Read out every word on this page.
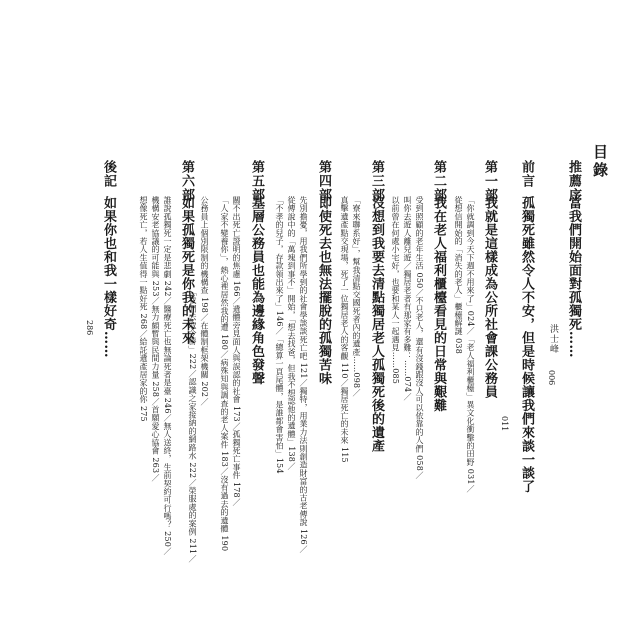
目錄
推薦序
當我們開始面對孤獨死……
洪士峰
006
前言
孤獨死雖然令人不安，但是時候讓我們來談一談了
011
第一部
我就是這樣成為公所社會課公務員
「你就調到今天下週不用來了」024／「老人福利櫃檯」異文化衝擊的田野 031／
從想信開始的「消失的老人」櫃檯解謎 038
第二部
我在老人福利櫃檯看見的日常與艱難
受到照顧的老年生活 050／不只老人，還有沒錢跟沒人可以依靠的人們 058／
叫你去遊人離兒遊／獨居老者有那家有多難：……074／
以前曾在何處小宅好，也要和某人一起遇見……085
第三部
沒想到我要去清點獨居老人孤獨死後的遺產
「寮來聯系好」，幫我清點交國死者內的遺產……098／
真擊遺產點交現場，死了一位獨居老人的客觀 110／獨居死亡的未來 115
第四部
即使死去也無法擺脫的孤獨苦味
先別擔憂，用我們所學到的社會學談談死亡吧 121／獨特，用業力法則創造財富的古老傳說 126／
從傳說中的「萬塊到事不」開始，「想去找爸，但我不想認他的遺體」138／
「不孝的兒子，存款領出來了」146／「總算一頁尾體，是誰都會害怕」154
第五部
基層公務員也能為邊緣角色發聲
關不出死亡證明的焦慮 166／遺體旁見面人與誤認的社會 173／孤獨死亡事件 178／
「人家不變養你」，熱心裡居然我的遭 180／病殊知與調查的老人案件 183／沒有過去的遺體 190
第六部
如果孤獨死是你我的未來 公務員上個別限制的機構查 198／在體制框架機關 202／
「我們去取今勝」222／認識之家接納的網路水 222／榮服處的案例 211／
誰說孤獨死一定是悲劇 242／醫療死亡也無論死者是臺 246／無人送終，生前契約可行嗎？ 250／
機構安老協議的可能與 253／無力頗暫與民間力量 258／首願愛心協會 263／
想像死亡，若人生值得一點好死 268／給託遺產居家的你 275
後記
如果你也和我一樣好奇……
286
